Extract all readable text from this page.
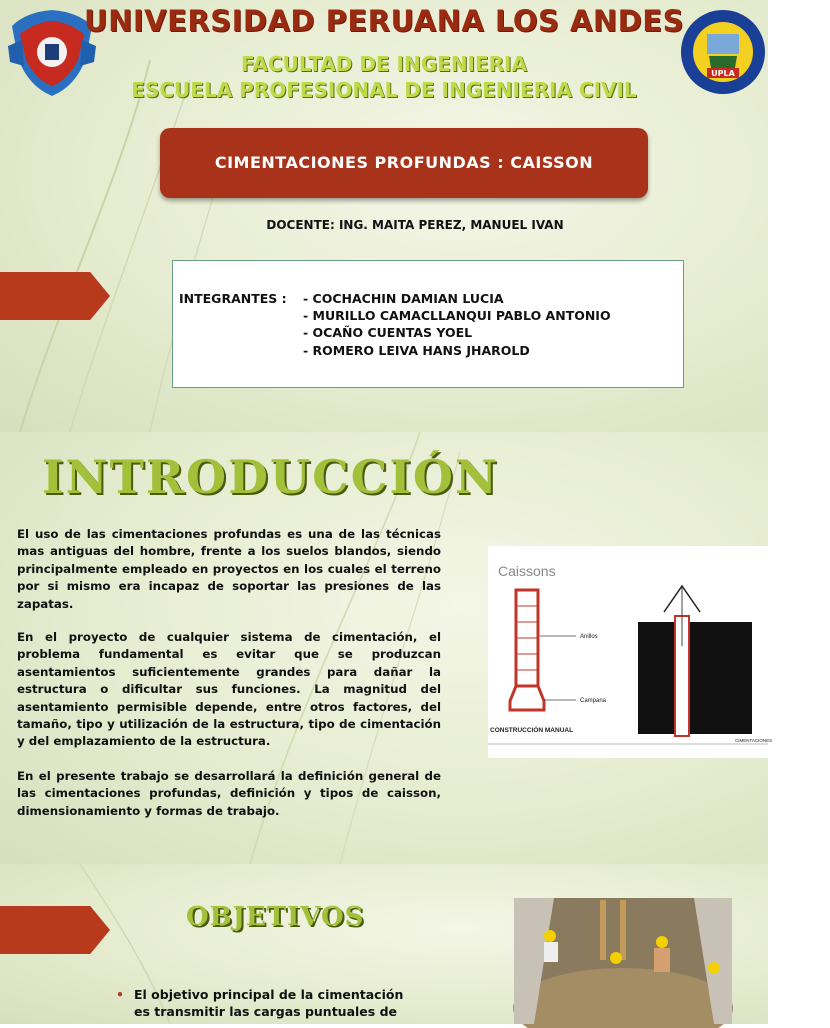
UNIVERSIDAD PERUANA LOS ANDES
UPLA
FACULTAD DE INGENIERIA
ESCUELA PROFESIONAL DE INGENIERIA CIVIL
CIMENTACIONES PROFUNDAS : CAISSON
DOCENTE: ING. MAITA PEREZ, MANUEL IVAN
INTEGRANTES : - COCHACHIN DAMIAN LUCIA
- MURILLO CAMACLLANQUI PABLO ANTONIO
- OCAÑO CUENTAS YOEL
- ROMERO LEIVA HANS JHAROLD
INTRODUCCIÓN
El uso de las cimentaciones profundas es una de las técnicas mas antiguas del hombre, frente a los suelos blandos, siendo principalmente empleado en proyectos en los cuales el terreno por si mismo era incapaz de soportar las presiones de las zapatas.
En el proyecto de cualquier sistema de cimentación, el problema fundamental es evitar que se produzcan asentamientos suficientemente grandes para dañar la estructura o dificultar sus funciones. La magnitud del asentamiento permisible depende, entre otros factores, del tamaño, tipo y utilización de la estructura, tipo de cimentación y del emplazamiento de la estructura.
En el presente trabajo se desarrollará la definición general de las cimentaciones profundas, definición y tipos de caisson, dimensionamiento y formas de trabajo.
Caissons
Anillos
Campana
CONSTRUCCIÓN MANUAL
CIMENTACIONES
OBJETIVOS
• El objetivo principal de la cimentación es transmitir las cargas puntuales de
